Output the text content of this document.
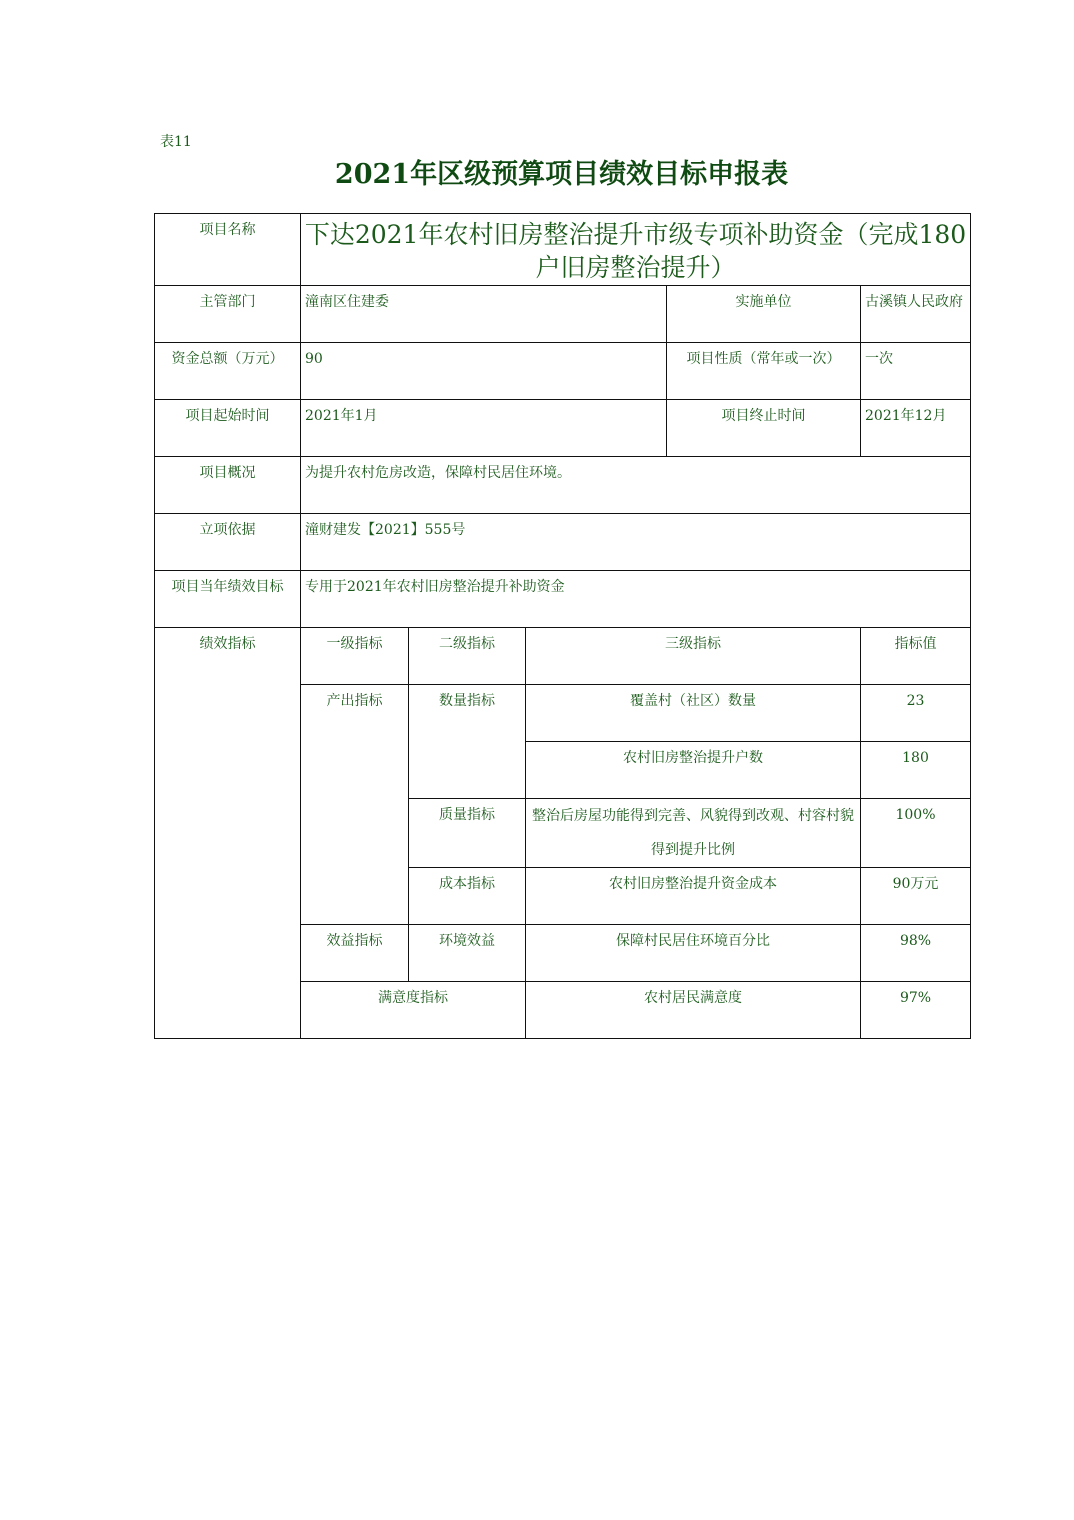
表11
2021年区级预算项目绩效目标申报表
项目名称	下达2021年农村旧房整治提升市级专项补助资金（完成180户旧房整治提升）				
主管部门	潼南区住建委			实施单位	古溪镇人民政府
资金总额（万元）	90			项目性质（常年或一次）	一次
项目起始时间	2021年1月			项目终止时间	2021年12月
项目概况	为提升农村危房改造，保障村民居住环境。				
立项依据	潼财建发【2021】555号				
项目当年绩效目标	专用于2021年农村旧房整治提升补助资金				
绩效指标	一级指标	二级指标	三级指标		指标值
	产出指标	数量指标	覆盖村（社区）数量		23
			农村旧房整治提升户数		180
		质量指标	整治后房屋功能得到完善、风貌得到改观、村容村貌得到提升比例		100%
		成本指标	农村旧房整治提升资金成本		90万元
	效益指标	环境效益	保障村民居住环境百分比		98%
	满意度指标		农村居民满意度		97%
